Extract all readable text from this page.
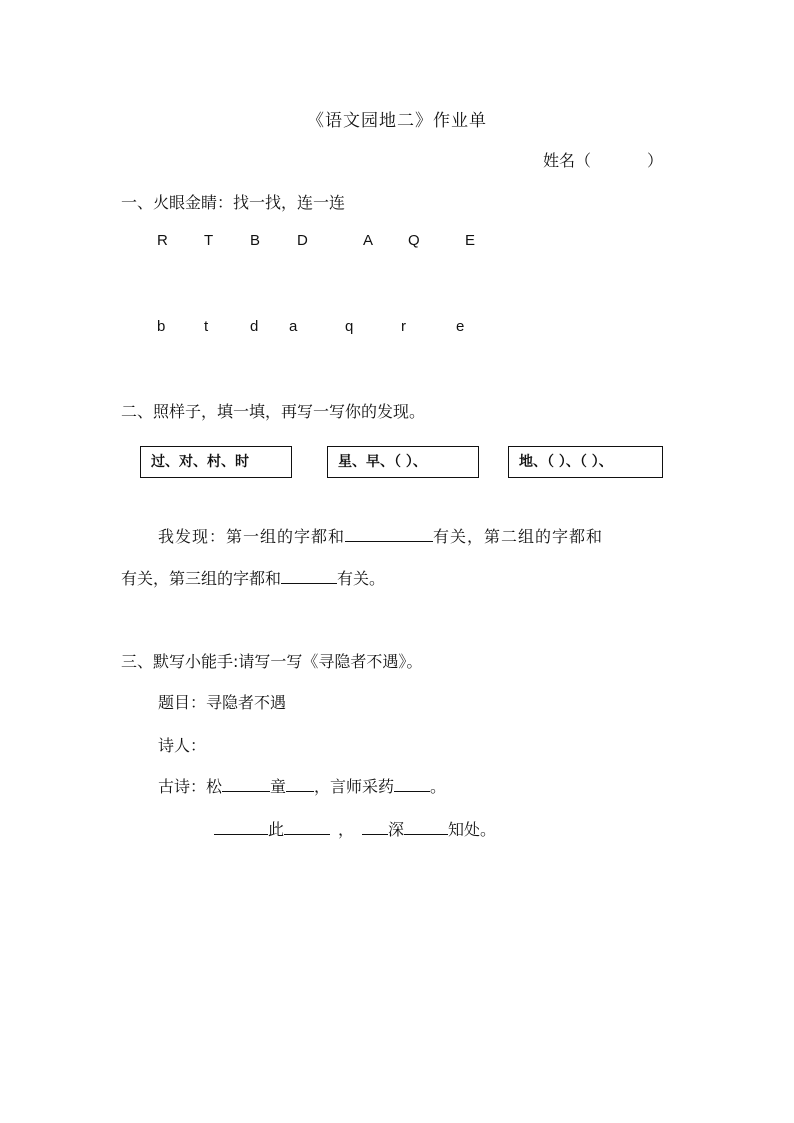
《语文园地二》作业单
姓名（	）
一、火眼金睛：找一找，连一连
R T B D	A Q	E
b	t	d a	q	r	e
二、照样子，填一填，再写一写你的发现。
过、对、村、时	星、早、（ ）、	地、（ ）、（ ）、
我发现：第一组的字都和	有关，第二组的字都和
有关，第三组的字都和	有关。
三、默写小能手:请写一写《寻隐者不遇》。
题目：寻隐者不遇
诗人：
古诗：松	童 ，言师采药 。
此	， 深	知处。
